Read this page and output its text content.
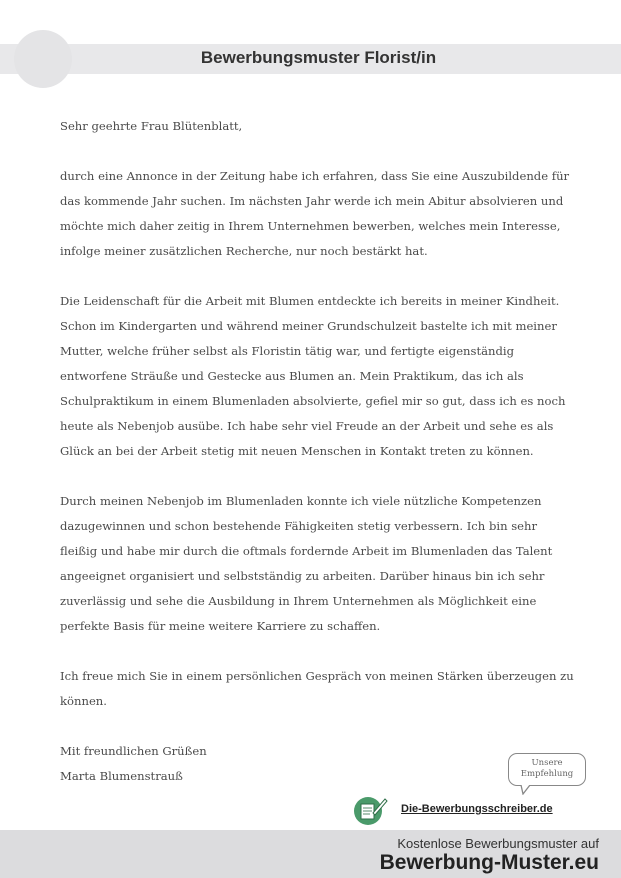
Bewerbungsmuster Florist/in

Sehr geehrte Frau Blütenblatt,

durch eine Annonce in der Zeitung habe ich erfahren, dass Sie eine Auszubildende für
das kommende Jahr suchen. Im nächsten Jahr werde ich mein Abitur absolvieren und
möchte mich daher zeitig in Ihrem Unternehmen bewerben, welches mein Interesse,
infolge meiner zusätzlichen Recherche, nur noch bestärkt hat.

Die Leidenschaft für die Arbeit mit Blumen entdeckte ich bereits in meiner Kindheit.
Schon im Kindergarten und während meiner Grundschulzeit bastelte ich mit meiner
Mutter, welche früher selbst als Floristin tätig war, und fertigte eigenständig
entworfene Sträuße und Gestecke aus Blumen an. Mein Praktikum, das ich als
Schulpraktikum in einem Blumenladen absolvierte, gefiel mir so gut, dass ich es noch
heute als Nebenjob ausübe. Ich habe sehr viel Freude an der Arbeit und sehe es als
Glück an bei der Arbeit stetig mit neuen Menschen in Kontakt treten zu können.

Durch meinen Nebenjob im Blumenladen konnte ich viele nützliche Kompetenzen
dazugewinnen und schon bestehende Fähigkeiten stetig verbessern. Ich bin sehr
fleißig und habe mir durch die oftmals fordernde Arbeit im Blumenladen das Talent
angeeignet organisiert und selbstständig zu arbeiten. Darüber hinaus bin ich sehr
zuverlässig und sehe die Ausbildung in Ihrem Unternehmen als Möglichkeit eine
perfekte Basis für meine weitere Karriere zu schaffen.

Ich freue mich Sie in einem persönlichen Gespräch von meinen Stärken überzeugen zu
können.

Mit freundlichen Grüßen

Marta Blumenstrauß

Unsere
Empfehlung
Die-Bewerbungsschreiber.de
Kostenlose Bewerbungsmuster auf
Bewerbung-Muster.eu
